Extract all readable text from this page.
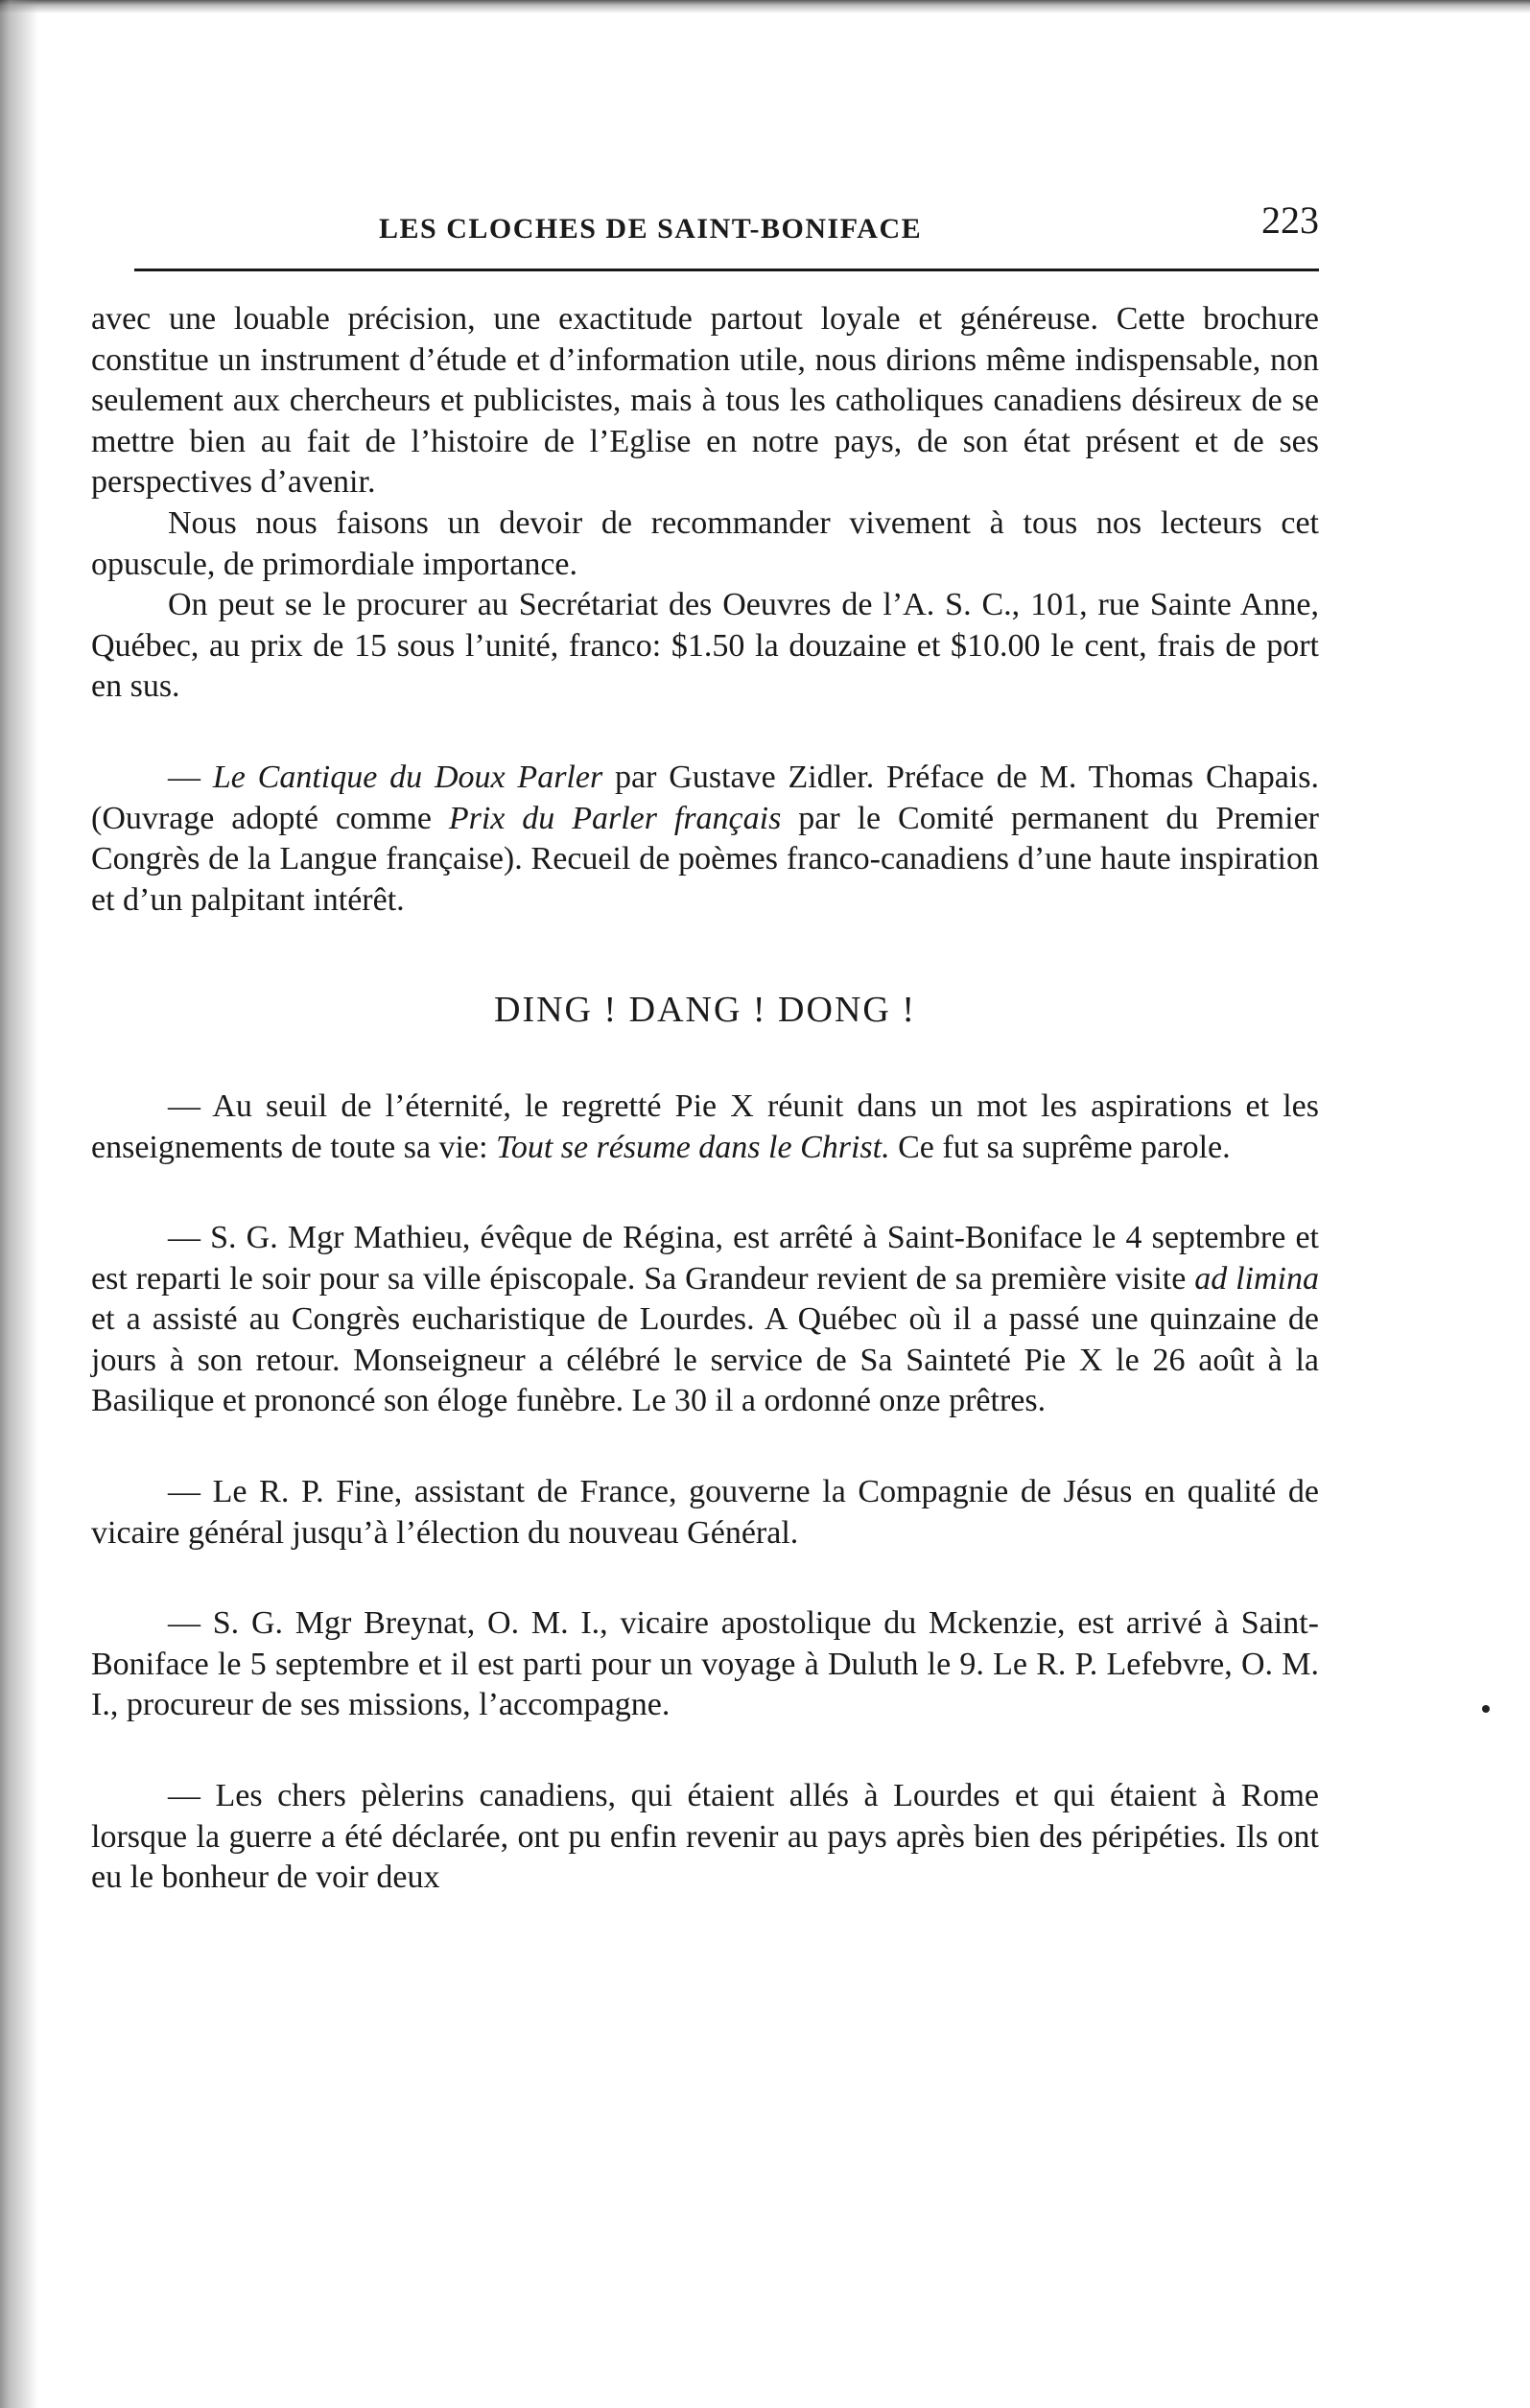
LES CLOCHES DE SAINT-BONIFACE	223

avec une louable précision, une exactitude partout loyale et généreuse. Cette brochure constitue un instrument d’étude et d’information utile, nous dirions même indispensable, non seulement aux chercheurs et publicistes, mais à tous les catholiques canadiens désireux de se mettre bien au fait de l’histoire de l’Eglise en notre pays, de son état présent et de ses perspectives d’avenir.

Nous nous faisons un devoir de recommander vivement à tous nos lecteurs cet opuscule, de primordiale importance.

On peut se le procurer au Secrétariat des Oeuvres de l’A. S. C., 101, rue Sainte Anne, Québec, au prix de 15 sous l’unité, franco: $1.50 la douzaine et $10.00 le cent, frais de port en sus.

— Le Cantique du Doux Parler par Gustave Zidler. Préface de M. Thomas Chapais. (Ouvrage adopté comme Prix du Parler français par le Comité permanent du Premier Congrès de la Langue française). Recueil de poèmes franco-canadiens d’une haute inspiration et d’un palpitant intérêt.

DING ! DANG ! DONG !

— Au seuil de l’éternité, le regretté Pie X réunit dans un mot les aspirations et les enseignements de toute sa vie: Tout se résume dans le Christ. Ce fut sa suprême parole.

— S. G. Mgr Mathieu, évêque de Régina, est arrêté à Saint-Boniface le 4 septembre et est reparti le soir pour sa ville épiscopale. Sa Grandeur revient de sa première visite ad limina et a assisté au Congrès eucharistique de Lourdes. A Québec où il a passé une quinzaine de jours à son retour. Monseigneur a célébré le service de Sa Sainteté Pie X le 26 août à la Basilique et prononcé son éloge funèbre. Le 30 il a ordonné onze prêtres.

— Le R. P. Fine, assistant de France, gouverne la Compagnie de Jésus en qualité de vicaire général jusqu’à l’élection du nouveau Général.

— S. G. Mgr Breynat, O. M. I., vicaire apostolique du Mckenzie, est arrivé à Saint-Boniface le 5 septembre et il est parti pour un voyage à Duluth le 9. Le R. P. Lefebvre, O. M. I., procureur de ses missions, l’accompagne.

— Les chers pèlerins canadiens, qui étaient allés à Lourdes et qui étaient à Rome lorsque la guerre a été déclarée, ont pu enfin revenir au pays après bien des péripéties. Ils ont eu le bonheur de voir deux
